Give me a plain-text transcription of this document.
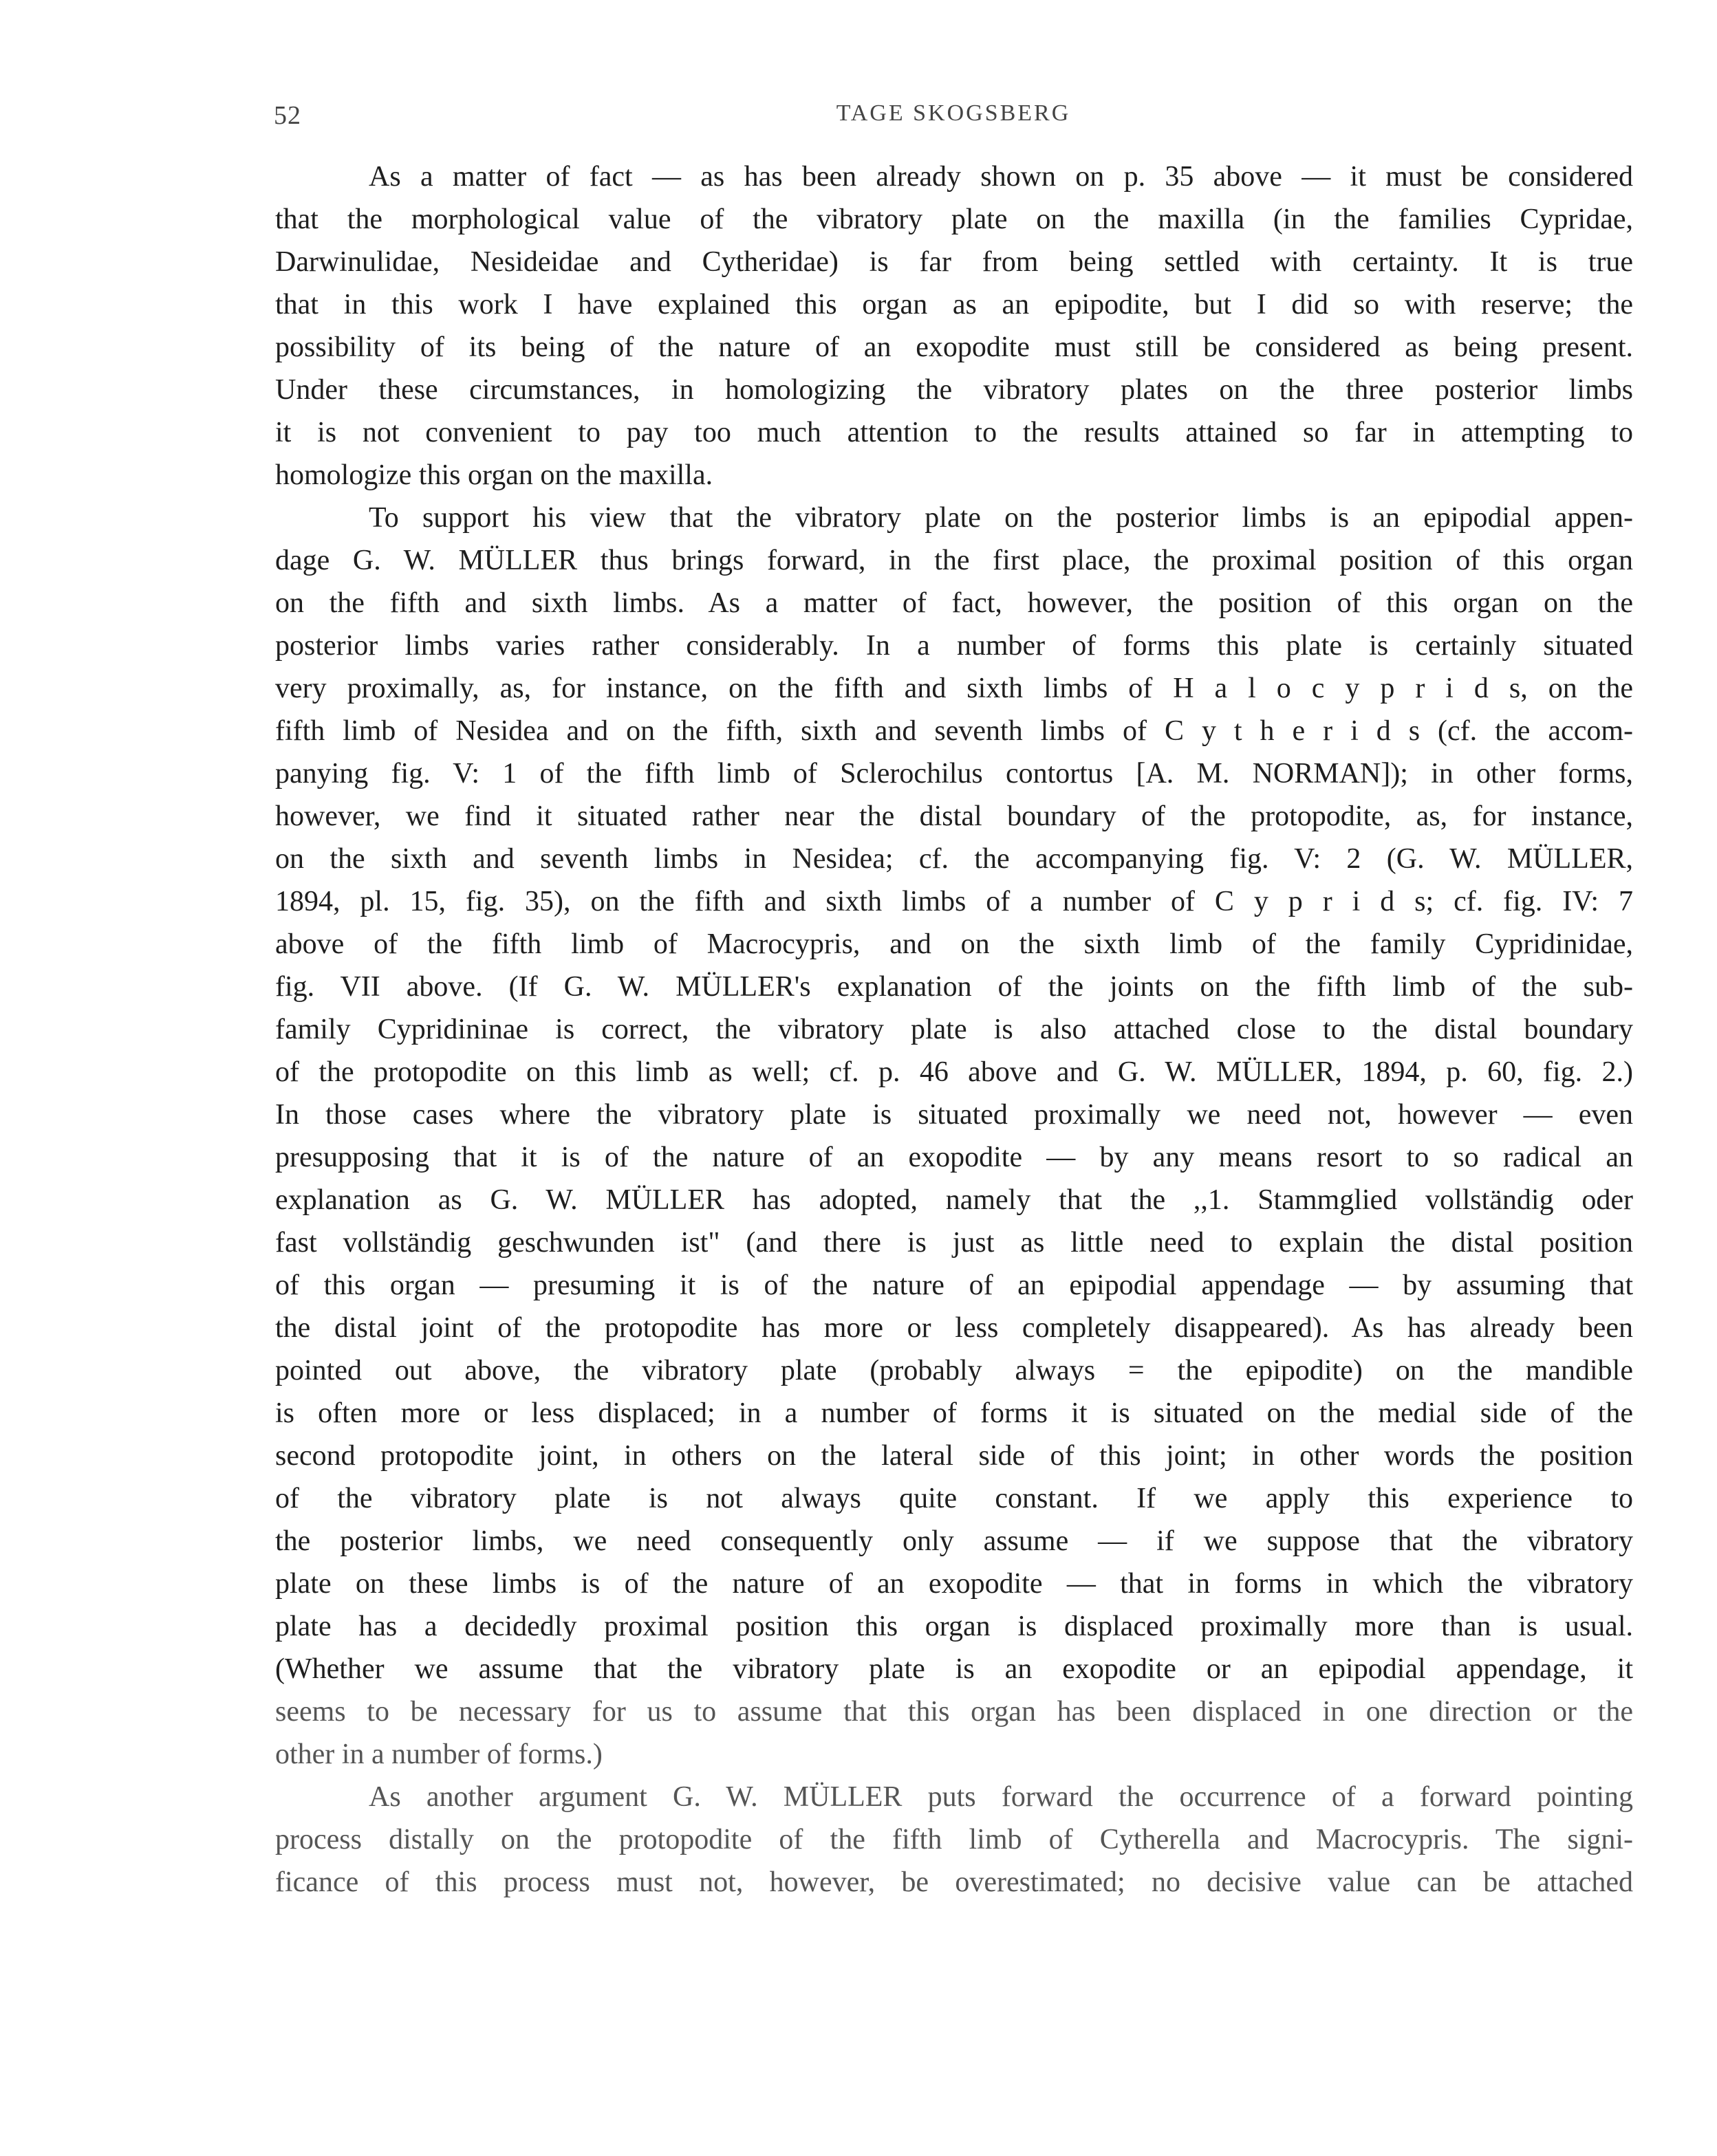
52	TAGE SKOGSBERG
As a matter of fact — as has been already shown on p. 35 above — it must be considered
that the morphological value of the vibratory plate on the maxilla (in the families Cypridae,
Darwinulidae, Nesideidae and Cytheridae) is far from being settled with certainty. It is true
that in this work I have explained this organ as an epipodite, but I did so with reserve; the
possibility of its being of the nature of an exopodite must still be considered as being present.
Under these circumstances, in homologizing the vibratory plates on the three posterior limbs
it is not convenient to pay too much attention to the results attained so far in attempting to
homologize this organ on the maxilla.
To support his view that the vibratory plate on the posterior limbs is an epipodial appen-
dage G. W. MÜLLER thus brings forward, in the first place, the proximal position of this organ
on the fifth and sixth limbs. As a matter of fact, however, the position of this organ on the
posterior limbs varies rather considerably. In a number of forms this plate is certainly situated
very proximally, as, for instance, on the fifth and sixth limbs of H a l o c y p r i d s, on the
fifth limb of Nesidea and on the fifth, sixth and seventh limbs of C y t h e r i d s (cf. the accom-
panying fig. V: 1 of the fifth limb of Sclerochilus contortus [A. M. NORMAN]); in other forms,
however, we find it situated rather near the distal boundary of the protopodite, as, for instance,
on the sixth and seventh limbs in Nesidea; cf. the accompanying fig. V: 2 (G. W. MÜLLER,
1894, pl. 15, fig. 35), on the fifth and sixth limbs of a number of C y p r i d s; cf. fig. IV: 7
above of the fifth limb of Macrocypris, and on the sixth limb of the family Cypridinidae,
fig. VII above. (If G. W. MÜLLER's explanation of the joints on the fifth limb of the sub-
family Cypridininae is correct, the vibratory plate is also attached close to the distal boundary
of the protopodite on this limb as well; cf. p. 46 above and G. W. MÜLLER, 1894, p. 60, fig. 2.)
In those cases where the vibratory plate is situated proximally we need not, however — even
presupposing that it is of the nature of an exopodite — by any means resort to so radical an
explanation as G. W. MÜLLER has adopted, namely that the ,,1. Stammglied vollständig oder
fast vollständig geschwunden ist" (and there is just as little need to explain the distal position
of this organ — presuming it is of the nature of an epipodial appendage — by assuming that
the distal joint of the protopodite has more or less completely disappeared). As has already been
pointed out above, the vibratory plate (probably always = the epipodite) on the mandible
is often more or less displaced; in a number of forms it is situated on the medial side of the
second protopodite joint, in others on the lateral side of this joint; in other words the position
of the vibratory plate is not always quite constant. If we apply this experience to
the posterior limbs, we need consequently only assume — if we suppose that the vibratory
plate on these limbs is of the nature of an exopodite — that in forms in which the vibratory
plate has a decidedly proximal position this organ is displaced proximally more than is usual.
(Whether we assume that the vibratory plate is an exopodite or an epipodial appendage, it
seems to be necessary for us to assume that this organ has been displaced in one direction or the
other in a number of forms.)
As another argument G. W. MÜLLER puts forward the occurrence of a forward pointing
process distally on the protopodite of the fifth limb of Cytherella and Macrocypris. The signi-
ficance of this process must not, however, be overestimated; no decisive value can be attached
